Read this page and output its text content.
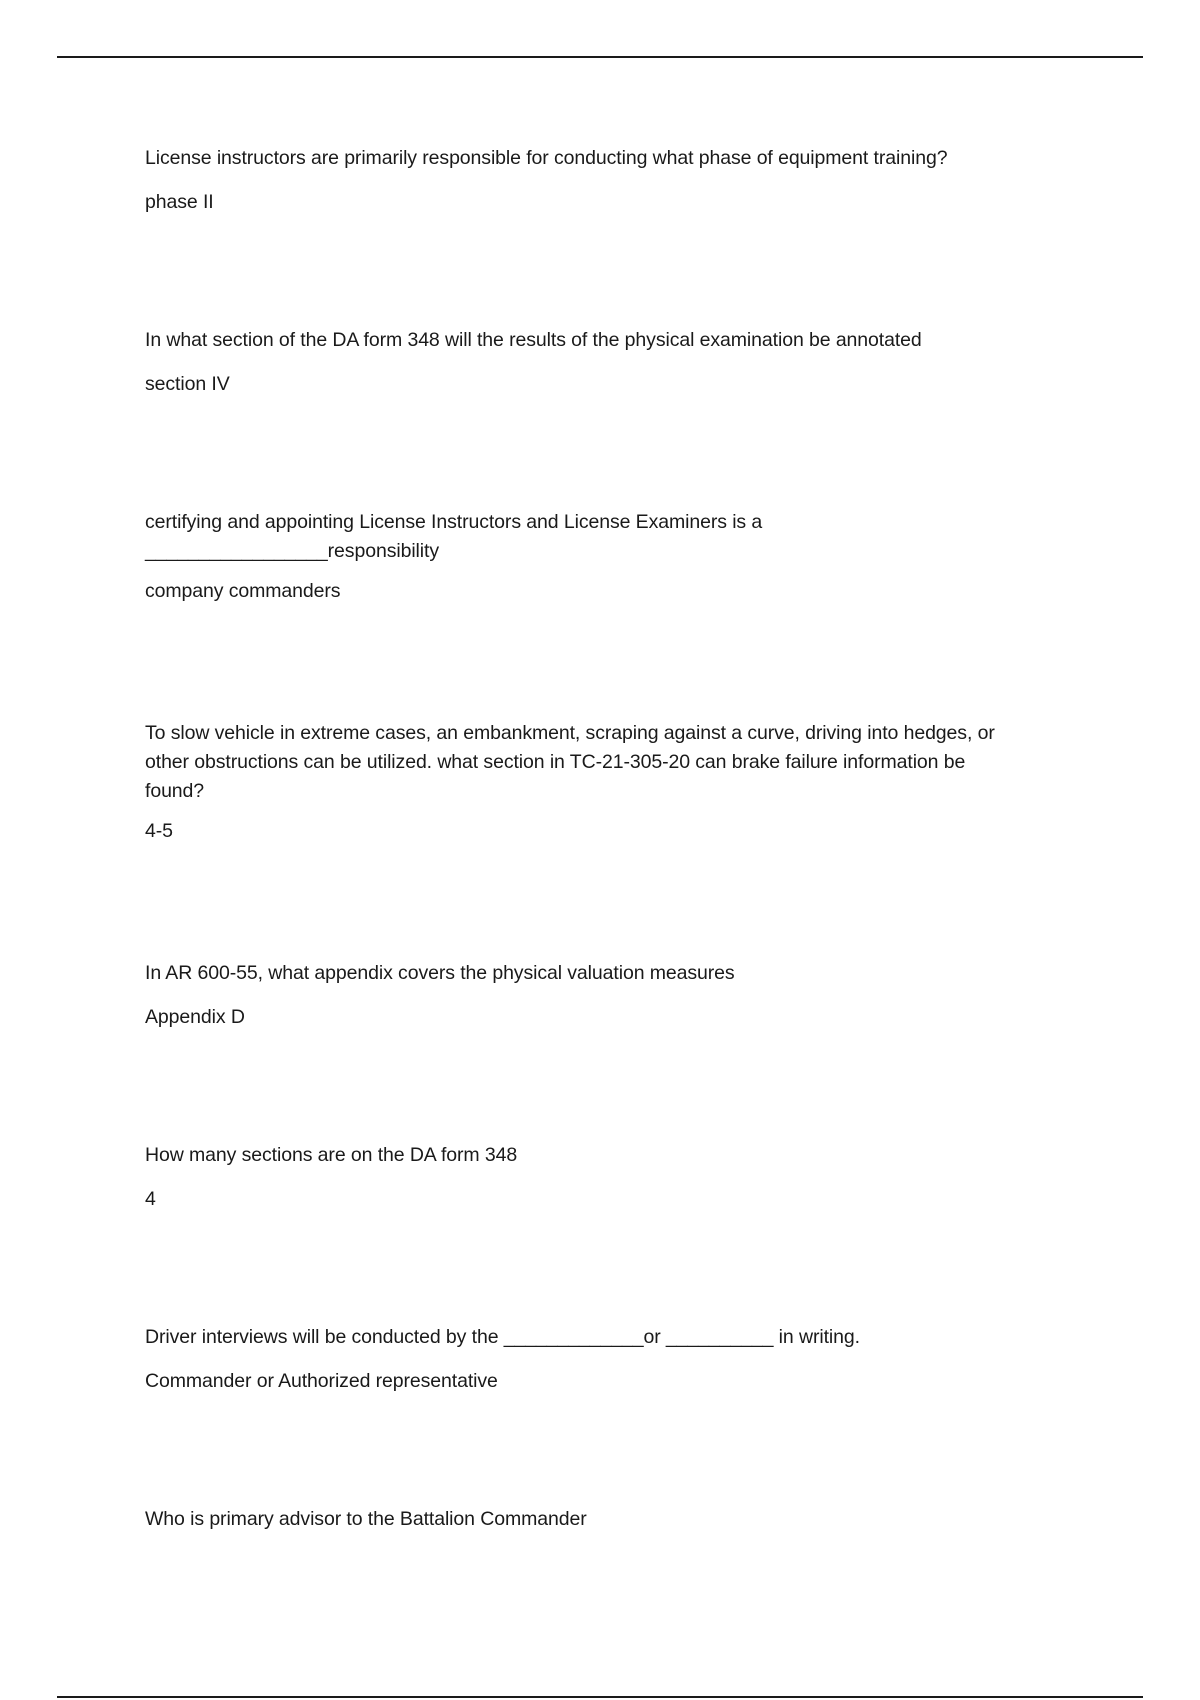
License instructors are primarily responsible for conducting what phase of equipment training?

phase II

In what section of the DA form 348 will the results of the physical examination be annotated

section IV

certifying and appointing License Instructors and License Examiners is a
_________________responsibility

company commanders

To slow vehicle in extreme cases, an embankment, scraping against a curve, driving into hedges, or
other obstructions can be utilized. what section in TC-21-305-20 can brake failure information be
found?

4-5

In AR 600-55, what appendix covers the physical valuation measures

Appendix D

How many sections are on the DA form 348

4

Driver interviews will be conducted by the _____________or __________ in writing.

Commander or Authorized representative

Who is primary advisor to the Battalion Commander
